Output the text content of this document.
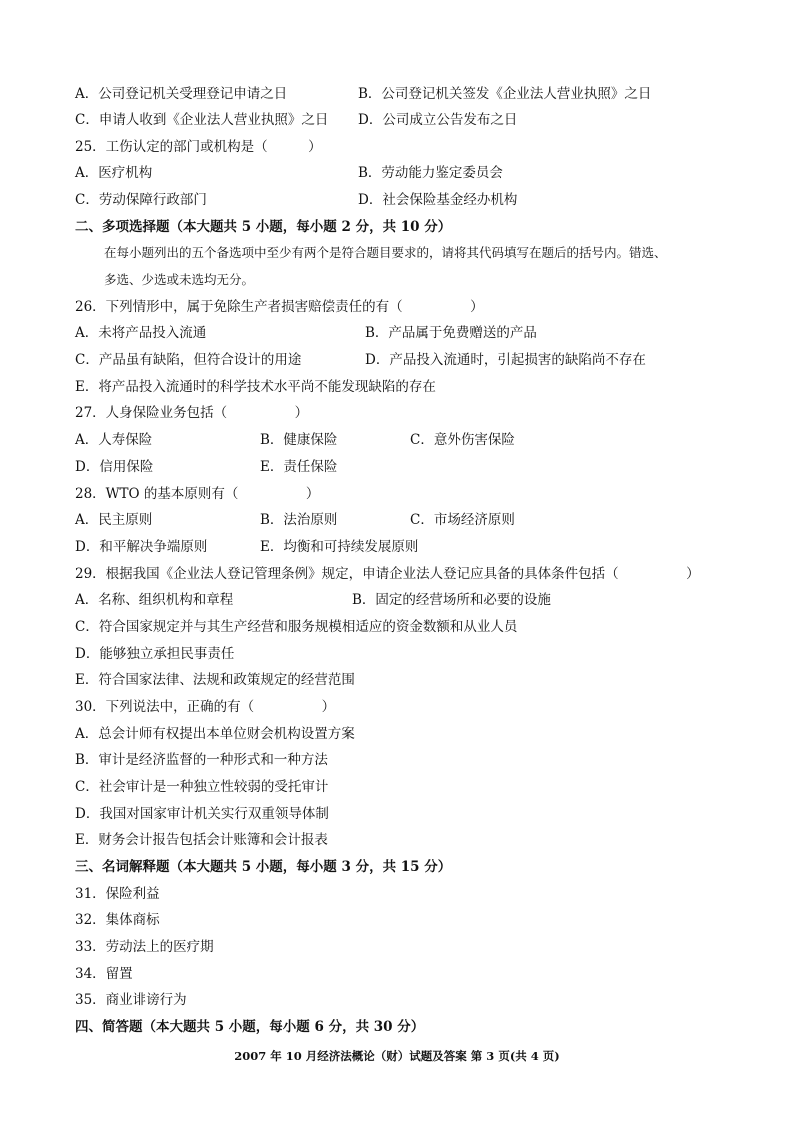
A．公司登记机关受理登记申请之日	B．公司登记机关签发《企业法人营业执照》之日
C．申请人收到《企业法人营业执照》之日 D．公司成立公告发布之日
25．工伤认定的部门或机构是（　　　）
A．医疗机构	B．劳动能力鉴定委员会
C．劳动保障行政部门	D．社会保险基金经办机构
二、多项选择题（本大题共 5 小题，每小题 2 分，共 10 分）
在每小题列出的五个备选项中至少有两个是符合题目要求的，请将其代码填写在题后的括号内。错选、
多选、少选或未选均无分。
26．下列情形中，属于免除生产者损害赔偿责任的有（　　　　　）
A．未将产品投入流通	B．产品属于免费赠送的产品
C．产品虽有缺陷，但符合设计的用途	D．产品投入流通时，引起损害的缺陷尚不存在
E．将产品投入流通时的科学技术水平尚不能发现缺陷的存在
27．人身保险业务包括（　　　　　）
A．人寿保险	B．健康保险	C．意外伤害保险
D．信用保险	E．责任保险
28．WTO 的基本原则有（　　　　　）
A．民主原则	B．法治原则	C．市场经济原则
D．和平解决争端原则	E．均衡和可持续发展原则
29．根据我国《企业法人登记管理条例》规定，申请企业法人登记应具备的具体条件包括（　　　　　）
A．名称、组织机构和章程	B．固定的经营场所和必要的设施
C．符合国家规定并与其生产经营和服务规模相适应的资金数额和从业人员
D．能够独立承担民事责任
E．符合国家法律、法规和政策规定的经营范围
30．下列说法中，正确的有（　　　　　）
A．总会计师有权提出本单位财会机构设置方案
B．审计是经济监督的一种形式和一种方法
C．社会审计是一种独立性较弱的受托审计
D．我国对国家审计机关实行双重领导体制
E．财务会计报告包括会计账簿和会计报表
三、名词解释题（本大题共 5 小题，每小题 3 分，共 15 分）
31．保险利益
32．集体商标
33．劳动法上的医疗期
34．留置
35．商业诽谤行为
四、简答题（本大题共 5 小题，每小题 6 分，共 30 分）
2007 年 10 月经济法概论（财）试题及答案 第 3 页(共 4 页)
